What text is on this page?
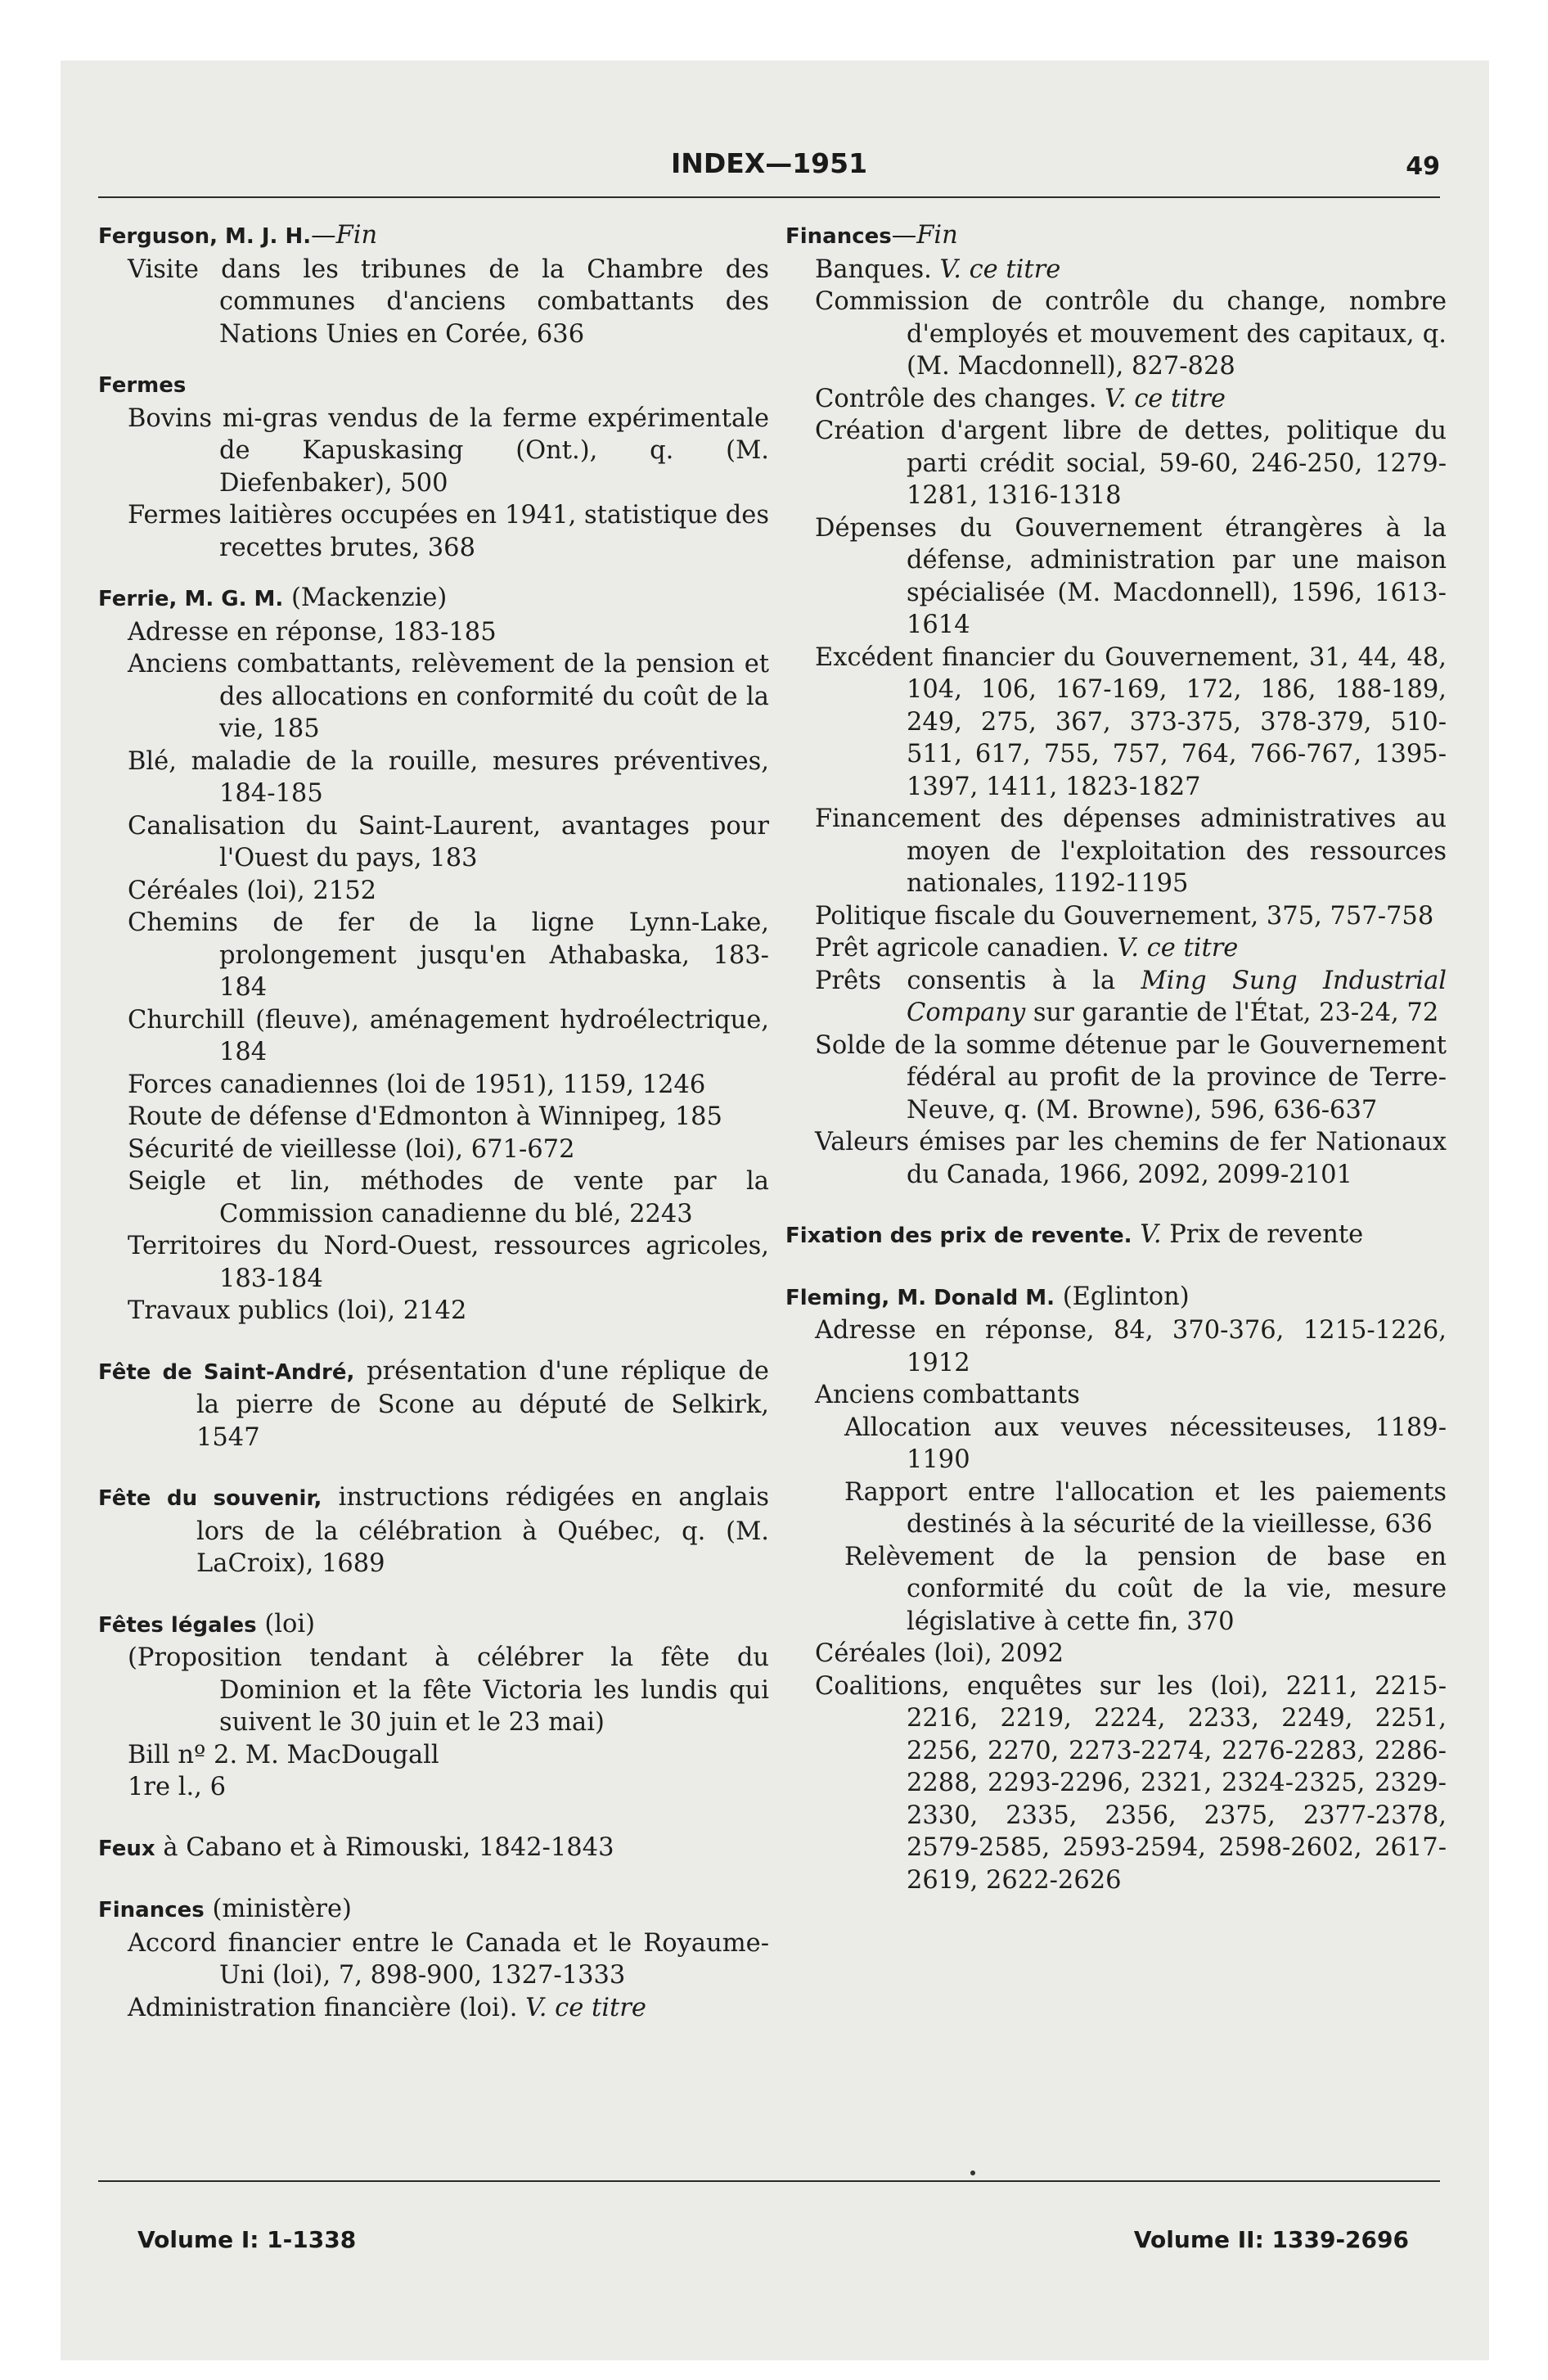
INDEX—1951	49
Ferguson, M. J. H.—Fin
Visite dans les tribunes de la Chambre des communes d'anciens combattants des Nations Unies en Corée, 636
Fermes
Bovins mi-gras vendus de la ferme expérimentale de Kapuskasing (Ont.), q. (M. Diefenbaker), 500
Fermes laitières occupées en 1941, statistique des recettes brutes, 368
Ferrie, M. G. M. (Mackenzie)
Adresse en réponse, 183-185
Anciens combattants, relèvement de la pension et des allocations en conformité du coût de la vie, 185
Blé, maladie de la rouille, mesures préventives, 184-185
Canalisation du Saint-Laurent, avantages pour l'Ouest du pays, 183
Céréales (loi), 2152
Chemins de fer de la ligne Lynn-Lake, prolongement jusqu'en Athabaska, 183-184
Churchill (fleuve), aménagement hydroélectrique, 184
Forces canadiennes (loi de 1951), 1159, 1246
Route de défense d'Edmonton à Winnipeg, 185
Sécurité de vieillesse (loi), 671-672
Seigle et lin, méthodes de vente par la Commission canadienne du blé, 2243
Territoires du Nord-Ouest, ressources agricoles, 183-184
Travaux publics (loi), 2142
Fête de Saint-André, présentation d'une réplique de la pierre de Scone au député de Selkirk, 1547
Fête du souvenir, instructions rédigées en anglais lors de la célébration à Québec, q. (M. LaCroix), 1689
Fêtes légales (loi)
(Proposition tendant à célébrer la fête du Dominion et la fête Victoria les lundis qui suivent le 30 juin et le 23 mai)
Bill nº 2. M. MacDougall
1re l., 6
Feux à Cabano et à Rimouski, 1842-1843
Finances (ministère)
Accord financier entre le Canada et le Royaume-Uni (loi), 7, 898-900, 1327-1333
Administration financière (loi). V. ce titre
Finances—Fin
Banques. V. ce titre
Commission de contrôle du change, nombre d'employés et mouvement des capitaux, q. (M. Macdonnell), 827-828
Contrôle des changes. V. ce titre
Création d'argent libre de dettes, politique du parti crédit social, 59-60, 246-250, 1279-1281, 1316-1318
Dépenses du Gouvernement étrangères à la défense, administration par une maison spécialisée (M. Macdonnell), 1596, 1613-1614
Excédent financier du Gouvernement, 31, 44, 48, 104, 106, 167-169, 172, 186, 188-189, 249, 275, 367, 373-375, 378-379, 510-511, 617, 755, 757, 764, 766-767, 1395-1397, 1411, 1823-1827
Financement des dépenses administratives au moyen de l'exploitation des ressources nationales, 1192-1195
Politique fiscale du Gouvernement, 375, 757-758
Prêt agricole canadien. V. ce titre
Prêts consentis à la Ming Sung Industrial Company sur garantie de l'État, 23-24, 72
Solde de la somme détenue par le Gouvernement fédéral au profit de la province de Terre-Neuve, q. (M. Browne), 596, 636-637
Valeurs émises par les chemins de fer Nationaux du Canada, 1966, 2092, 2099-2101
Fixation des prix de revente. V. Prix de revente
Fleming, M. Donald M. (Eglinton)
Adresse en réponse, 84, 370-376, 1215-1226, 1912
Anciens combattants
Allocation aux veuves nécessiteuses, 1189-1190
Rapport entre l'allocation et les paiements destinés à la sécurité de la vieillesse, 636
Relèvement de la pension de base en conformité du coût de la vie, mesure législative à cette fin, 370
Céréales (loi), 2092
Coalitions, enquêtes sur les (loi), 2211, 2215-2216, 2219, 2224, 2233, 2249, 2251, 2256, 2270, 2273-2274, 2276-2283, 2286-2288, 2293-2296, 2321, 2324-2325, 2329-2330, 2335, 2356, 2375, 2377-2378, 2579-2585, 2593-2594, 2598-2602, 2617-2619, 2622-2626
Volume I: 1-1338	Volume II: 1339-2696
